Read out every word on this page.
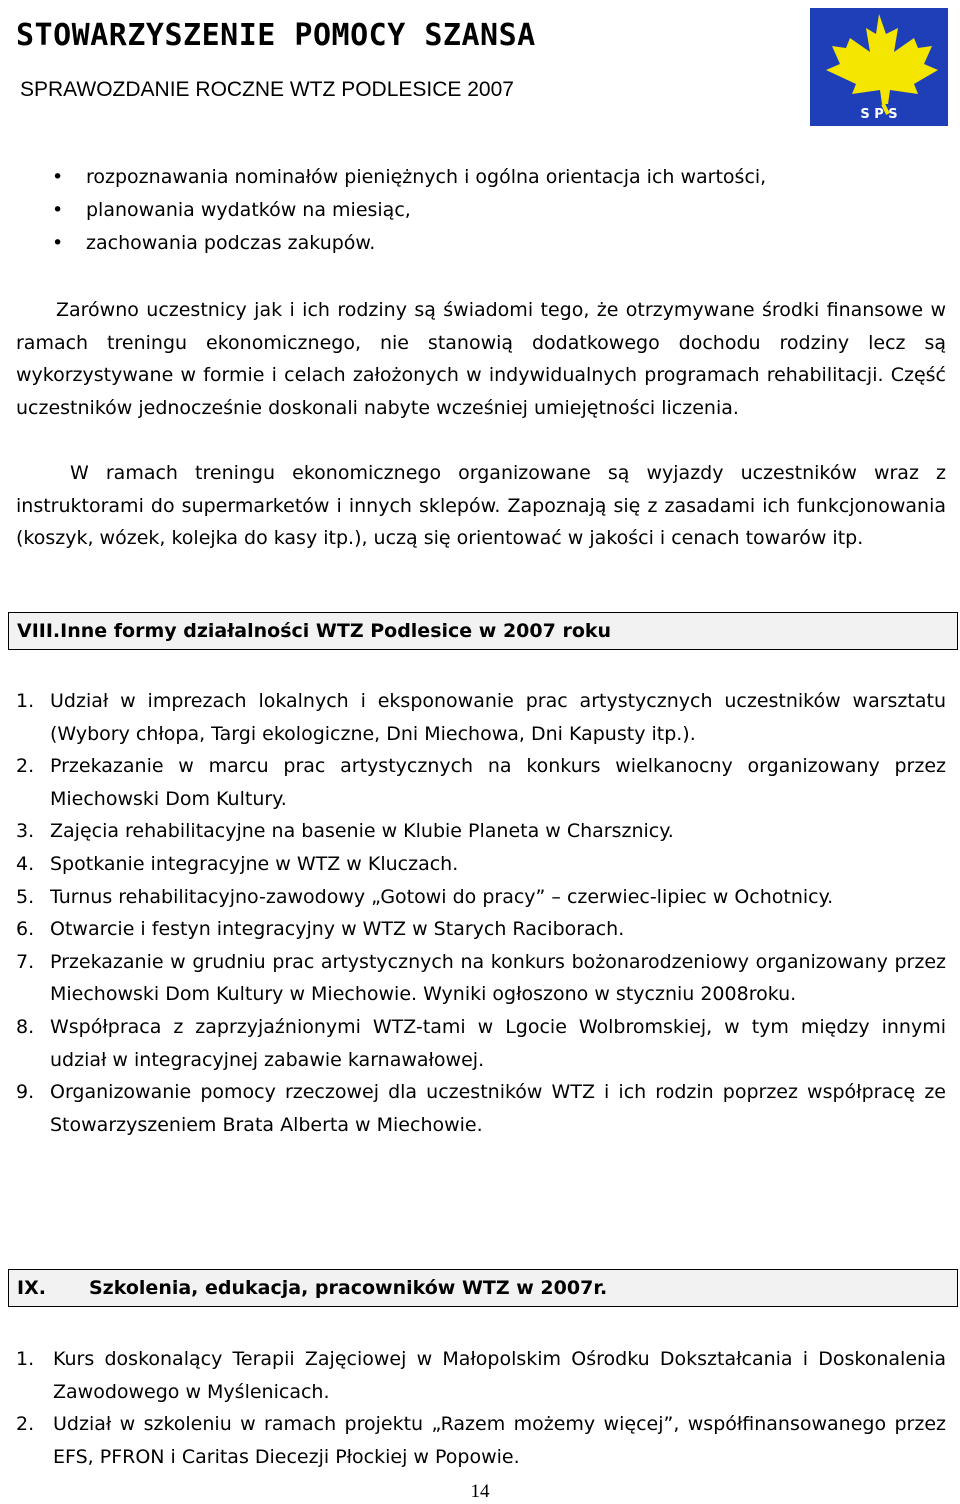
STOWARZYSZENIE POMOCY SZANSA
SPRAWOZDANIE ROCZNE WTZ PODLESICE 2007
S P S
• rozpoznawania nominałów pieniężnych i ogólna orientacja ich wartości,
• planowania wydatków na miesiąc,
• zachowania podczas zakupów.

Zarówno uczestnicy jak i ich rodziny są świadomi tego, że otrzymywane środki finansowe w ramach treningu ekonomicznego, nie stanowią dodatkowego dochodu rodziny lecz są wykorzystywane w formie i celach założonych w indywidualnych programach rehabilitacji. Część uczestników jednocześnie doskonali nabyte wcześniej umiejętności liczenia.

W ramach treningu ekonomicznego organizowane są wyjazdy uczestników wraz z instruktorami do supermarketów i innych sklepów. Zapoznają się z zasadami ich funkcjonowania (koszyk, wózek, kolejka do kasy itp.), uczą się orientować w jakości i cenach towarów itp.

VIII.Inne formy działalności WTZ Podlesice w 2007 roku
1. Udział w imprezach lokalnych i eksponowanie prac artystycznych uczestników warsztatu (Wybory chłopa, Targi ekologiczne, Dni Miechowa, Dni Kapusty itp.).
2. Przekazanie w marcu prac artystycznych na konkurs wielkanocny organizowany przez Miechowski Dom Kultury.
3. Zajęcia rehabilitacyjne na basenie w Klubie Planeta w Charsznicy.
4. Spotkanie integracyjne w WTZ w Kluczach.
5. Turnus rehabilitacyjno-zawodowy „Gotowi do pracy” – czerwiec-lipiec w Ochotnicy.
6. Otwarcie i festyn integracyjny w WTZ w Starych Raciborach.
7. Przekazanie w grudniu prac artystycznych na konkurs bożonarodzeniowy organizowany przez Miechowski Dom Kultury w Miechowie. Wyniki ogłoszono w styczniu 2008roku.
8. Współpraca z zaprzyjaźnionymi WTZ-tami w Lgocie Wolbromskiej, w tym między innymi udział w integracyjnej zabawie karnawałowej.
9. Organizowanie pomocy rzeczowej dla uczestników WTZ i ich rodzin poprzez współpracę ze Stowarzyszeniem Brata Alberta w Miechowie.
IX. Szkolenia, edukacja, pracowników WTZ w 2007r.
1. Kurs doskonalący Terapii Zajęciowej w Małopolskim Ośrodku Dokształcania i Doskonalenia Zawodowego w Myślenicach.
2. Udział w szkoleniu w ramach projektu „Razem możemy więcej”, współfinansowanego przez EFS, PFRON i Caritas Diecezji Płockiej w Popowie.
14
